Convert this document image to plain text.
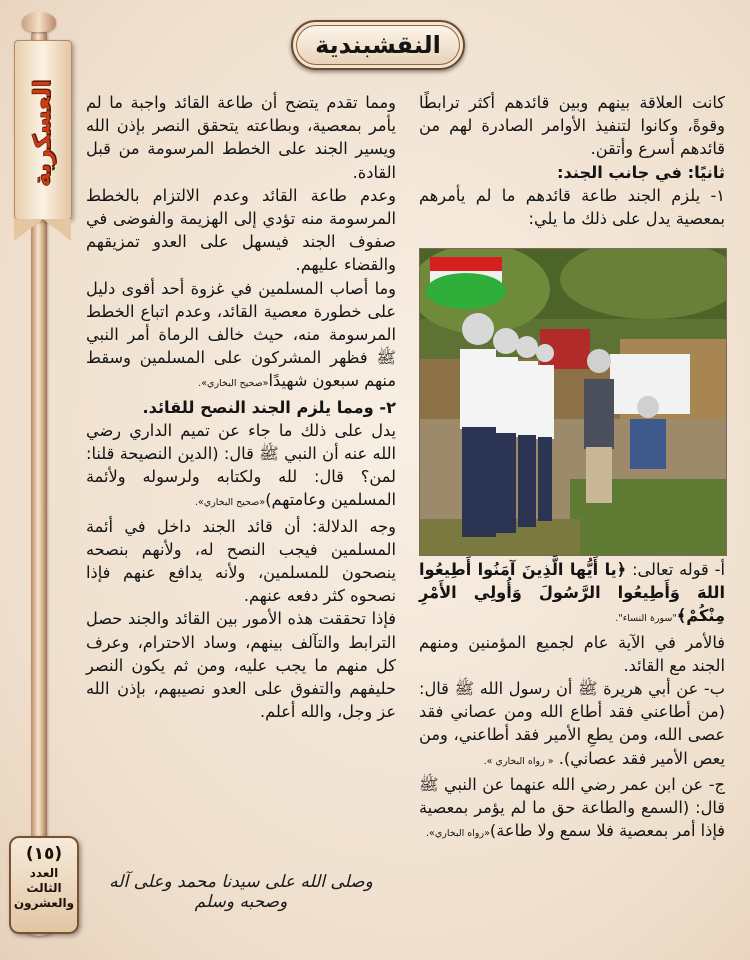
العسكرية
النقشبندية

كانت العلاقة بينهم وبين قائدهم أكثر ترابطًا وقوةً، وكانوا لتنفيذ الأوامر الصادرة لهم من قائدهم أسرع وأتقن.

ثانيًا: في جانب الجند:

١- يلزم الجند طاعة قائدهم ما لم يأمرهم بمعصية يدل على ذلك ما يلي:

أ- قوله تعالى: ﴿يا أَيُّها الَّذِينَ آمَنُوا أَطِيعُوا اللهَ وَأَطِيعُوا الرَّسُولَ وَأُولِي الأَمْرِ مِنْكُمْ﴾"سورة النساء".

فالأمر في الآية عام لجميع المؤمنين ومنهم الجند مع القائد.

ب- عن أبي هريرة ﷺ أن رسول الله ﷺ قال: (من أطاعني فقد أطاع الله ومن عصاني فقد عصى الله، ومن يطعِ الأمير فقد أطاعني، ومن يعص الأمير فقد عصاني). « رواه البخاري ».

ج- عن ابن عمر رضي الله عنهما عن النبي ﷺ قال: (السمع والطاعة حق ما لم يؤمر بمعصية فإذا أمر بمعصية فلا سمع ولا طاعة)«رواه البخاري».

ومما تقدم يتضح أن طاعة القائد واجبة ما لم يأمر بمعصية، وبطاعته يتحقق النصر بإذن الله ويسير الجند على الخطط المرسومة من قبل القادة.

وعدم طاعة القائد وعدم الالتزام بالخطط المرسومة منه تؤدي إلى الهزيمة والفوضى في صفوف الجند فيسهل على العدو تمزيقهم والقضاء عليهم.

وما أصاب المسلمين في غزوة أحد أقوى دليل على خطورة معصية القائد، وعدم اتباع الخطط المرسومة منه، حيث خالف الرماة أمر النبي ﷺ فظهر المشركون على المسلمين وسقط منهم سبعون شهيدًا«صحيح البخاري».

٢- ومما يلزم الجند النصح للقائد.

يدل على ذلك ما جاء عن تميم الداري رضي الله عنه أن النبي ﷺ قال: (الدين النصيحة قلنا: لمن؟ قال: لله ولكتابه ولرسوله ولأئمة المسلمين وعامتهم)«صحيح البخاري».

وجه الدلالة: أن قائد الجند داخل في أئمة المسلمين فيجب النصح له، ولأنهم بنصحه ينصحون للمسلمين، ولأنه يدافع عنهم فإذا نصحوه كثر دفعه عنهم.

فإذا تحققت هذه الأمور بين القائد والجند حصل الترابط والتآلف بينهم، وساد الاحترام، وعرف كل منهم ما يجب عليه، ومن ثم يكون النصر حليفهم والتفوق على العدو نصيبهم، بإذن الله عز وجل، والله أعلم.

وصلى الله على سيدنا محمد وعلى آله وصحبه وسلم
(١٥)
العدد
الثالث
والعشرون
